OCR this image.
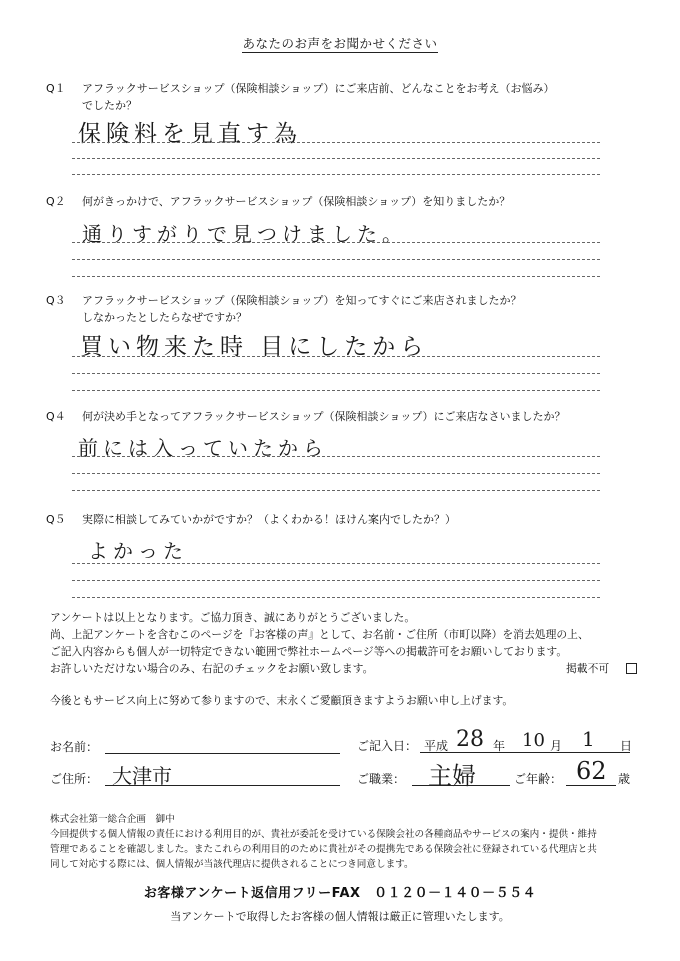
あなたのお声をお聞かせください
Q１ アフラックサービスショップ（保険相談ショップ）にご来店前、どんなことをお考え（お悩み）
でしたか？
保険料を見直す為
Q２ 何がきっかけで、アフラックサービスショップ（保険相談ショップ）を知りましたか？
通りすがりで見つけました。
Q３ アフラックサービスショップ（保険相談ショップ）を知ってすぐにご来店されましたか？
しなかったとしたらなぜですか？
買い物来た時 目にしたから
Q４ 何が決め手となってアフラックサービスショップ（保険相談ショップ）にご来店なさいましたか？
前には入っていたから
Q５ 実際に相談してみていかがですか？（よくわかる！ほけん案内でしたか？）
よかった
アンケートは以上となります。ご協力頂き、誠にありがとうございました。
尚、上記アンケートを含むこのページを『お客様の声』として、お名前・ご住所（市町以降）を消去処理の上、
ご記入内容からも個人が一切特定できない範囲で弊社ホームページ等への掲載許可をお願いしております。
お許しいただけない場合のみ、右記のチェックをお願い致します。	掲載不可
今後ともサービス向上に努めて参りますので、末永くご愛顧頂きますようお願い申し上げます。
お名前：	ご記入日： 平成 28 年 10 月 1 日
ご住所： 大津市	ご職業： 主婦	ご年齢： 62 歳
株式会社第一総合企画　御中
今回提供する個人情報の責任における利用目的が、貴社が委託を受けている保険会社の各種商品やサービスの案内・提供・維持
管理であることを確認しました。またこれらの利用目的のために貴社がその提携先である保険会社に登録されている代理店と共
同して対応する際には、個人情報が当該代理店に提供されることにつき同意します。
お客様アンケート返信用フリーFAX　０１２０－１４０－５５４
当アンケートで取得したお客様の個人情報は厳正に管理いたします。
